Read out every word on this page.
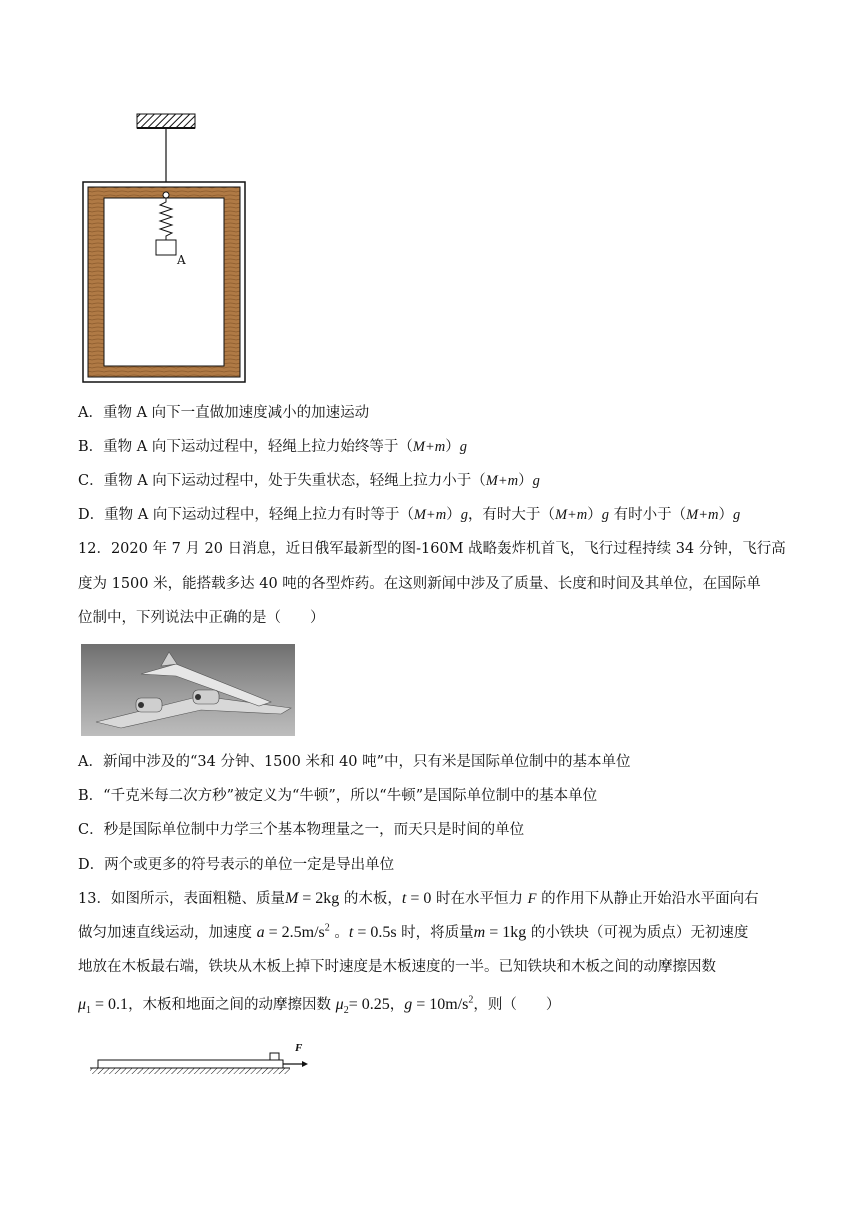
A
A．重物 A 向下一直做加速度减小的加速运动
B．重物 A 向下运动过程中，轻绳上拉力始终等于（M+m）g
C．重物 A 向下运动过程中，处于失重状态，轻绳上拉力小于（M+m）g
D．重物 A 向下运动过程中，轻绳上拉力有时等于（M+m）g，有时大于（M+m）g 有时小于（M+m）g
12．2020 年 7 月 20 日消息，近日俄军最新型的图-160M 战略轰炸机首飞，飞行过程持续 34 分钟，飞行高
度为 1500 米，能搭载多达 40 吨的各型炸药。在这则新闻中涉及了质量、长度和时间及其单位，在国际单
位制中，下列说法中正确的是（　　）
A．新闻中涉及的“34 分钟、1500 米和 40 吨”中，只有米是国际单位制中的基本单位
B．“千克米每二次方秒”被定义为“牛顿”，所以“牛顿”是国际单位制中的基本单位
C．秒是国际单位制中力学三个基本物理量之一，而天只是时间的单位
D．两个或更多的符号表示的单位一定是导出单位
13．如图所示，表面粗糙、质量M = 2kg 的木板，t = 0 时在水平恒力 F 的作用下从静止开始沿水平面向右
做匀加速直线运动，加速度 $a = 2.5m/s^2$ 。t = 0.5s 时，将质量m = 1kg 的小铁块（可视为质点）无初速度
地放在木板最右端，铁块从木板上掉下时速度是木板速度的一半。已知铁块和木板之间的动摩擦因数
$\mu_1 = 0.1$，木板和地面之间的动摩擦因数 $\mu_2= 0.25$，$g = 10m/s^2$，则（　　）
F
